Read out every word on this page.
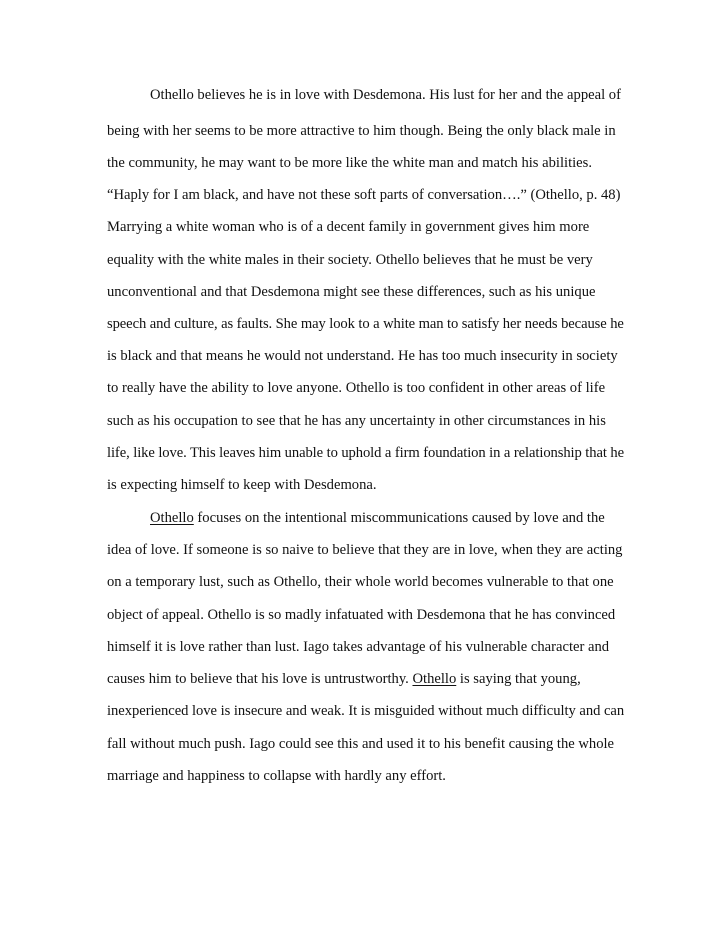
Othello believes he is in love with Desdemona. His lust for her and the appeal of
being with her seems to be more attractive to him though. Being the only black male in
the community, he may want to be more like the white man and match his abilities.
“Haply for I am black, and have not these soft parts of conversation….” (Othello, p. 48)
Marrying a white woman who is of a decent family in government gives him more
equality with the white males in their society. Othello believes that he must be very
unconventional and that Desdemona might see these differences, such as his unique
speech and culture, as faults. She may look to a white man to satisfy her needs because he
is black and that means he would not understand. He has too much insecurity in society
to really have the ability to love anyone. Othello is too confident in other areas of life
such as his occupation to see that he has any uncertainty in other circumstances in his
life, like love. This leaves him unable to uphold a firm foundation in a relationship that he
is expecting himself to keep with Desdemona.
Othello focuses on the intentional miscommunications caused by love and the
idea of love. If someone is so naive to believe that they are in love, when they are acting
on a temporary lust, such as Othello, their whole world becomes vulnerable to that one
object of appeal. Othello is so madly infatuated with Desdemona that he has convinced
himself it is love rather than lust. Iago takes advantage of his vulnerable character and
causes him to believe that his love is untrustworthy. Othello is saying that young,
inexperienced love is insecure and weak. It is misguided without much difficulty and can
fall without much push. Iago could see this and used it to his benefit causing the whole
marriage and happiness to collapse with hardly any effort.
